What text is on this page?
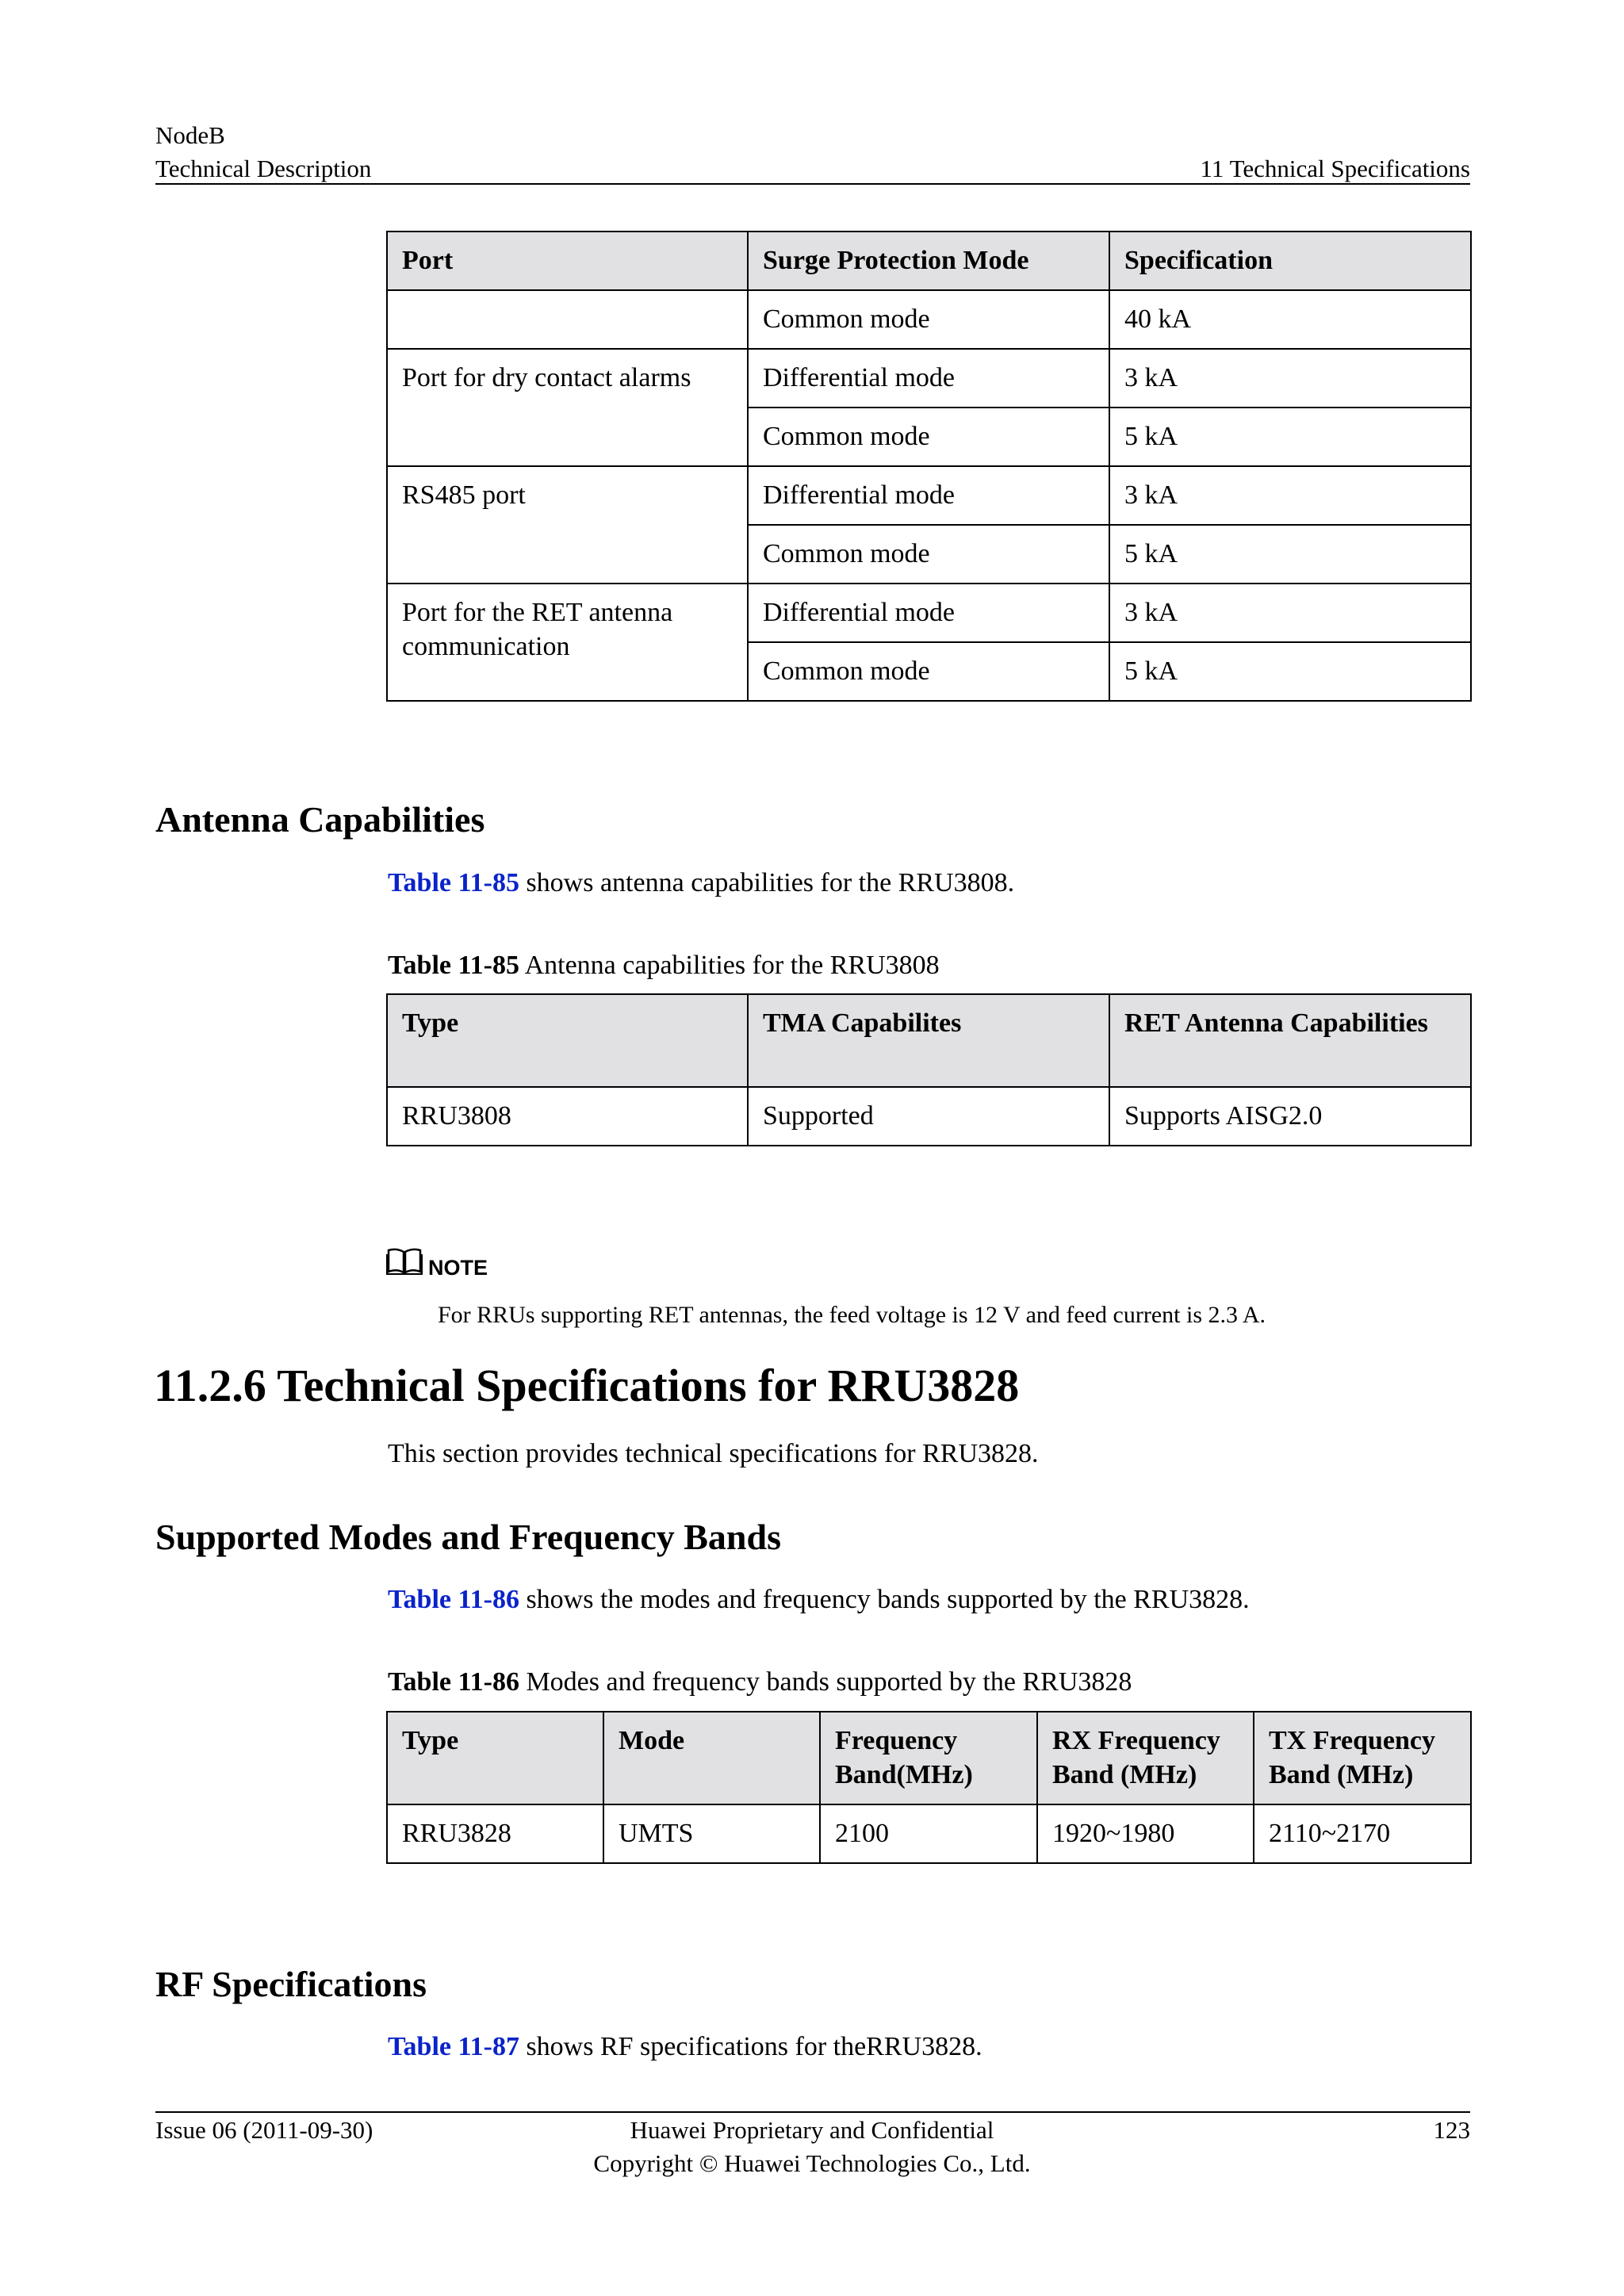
NodeB
Technical Description	11 Technical Specifications
Port	Surge Protection Mode	Specification
	Common mode	40 kA
Port for dry contact alarms	Differential mode	3 kA
	Common mode	5 kA
RS485 port	Differential mode	3 kA
	Common mode	5 kA
Port for the RET antenna communication	Differential mode	3 kA
	Common mode	5 kA
Antenna Capabilities
Table 11-85 shows antenna capabilities for the RRU3808.
Table 11-85 Antenna capabilities for the RRU3808
Type	TMA Capabilites	RET Antenna Capabilities
RRU3808	Supported	Supports AISG2.0
NOTE
For RRUs supporting RET antennas, the feed voltage is 12 V and feed current is 2.3 A.
11.2.6 Technical Specifications for RRU3828
This section provides technical specifications for RRU3828.
Supported Modes and Frequency Bands
Table 11-86 shows the modes and frequency bands supported by the RRU3828.
Table 11-86 Modes and frequency bands supported by the RRU3828
Type	Mode	Frequency Band(MHz)	RX Frequency Band (MHz)	TX Frequency Band (MHz)
RRU3828	UMTS	2100	1920~1980	2110~2170
RF Specifications
Table 11-87 shows RF specifications for theRRU3828.
Issue 06 (2011-09-30)	Huawei Proprietary and Confidential
Copyright © Huawei Technologies Co., Ltd.
123
